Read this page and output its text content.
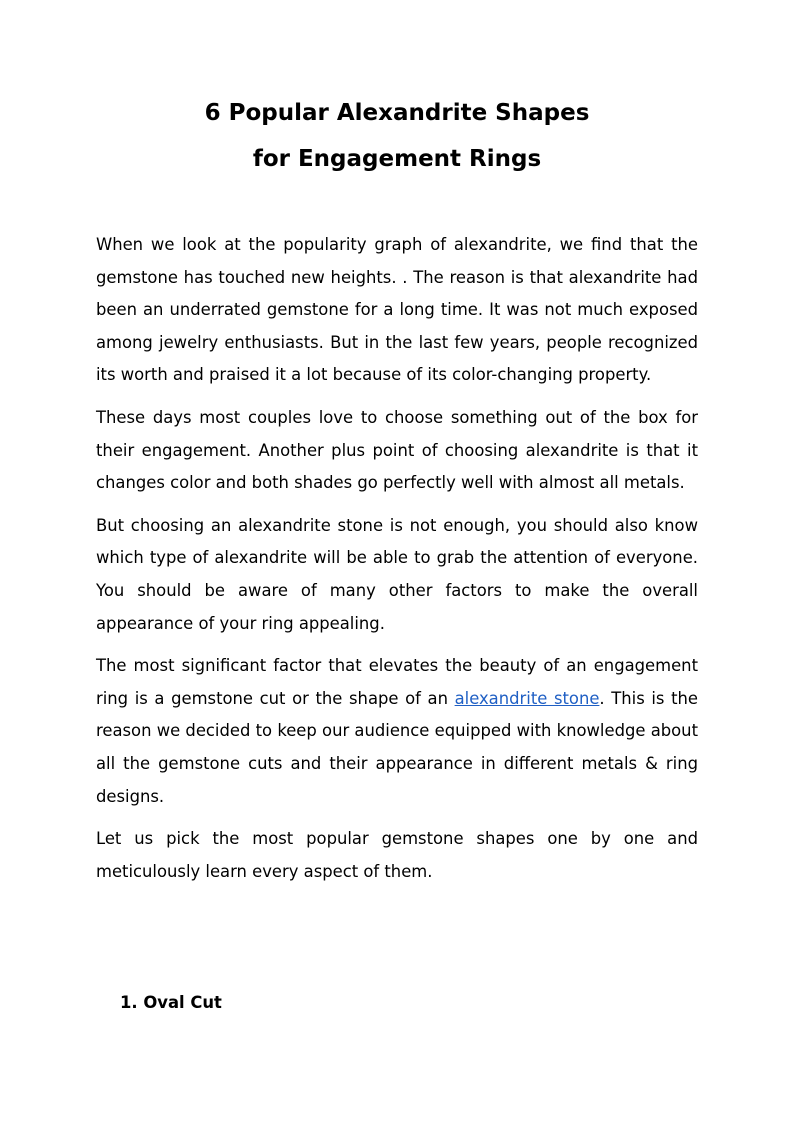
6 Popular Alexandrite Shapes
for Engagement Rings

When we look at the popularity graph of alexandrite, we find that the gemstone has touched new heights. . The reason is that alexandrite had been an underrated gemstone for a long time. It was not much exposed among jewelry enthusiasts. But in the last few years, people recognized its worth and praised it a lot because of its color-changing property.

These days most couples love to choose something out of the box for their engagement. Another plus point of choosing alexandrite is that it changes color and both shades go perfectly well with almost all metals.

But choosing an alexandrite stone is not enough, you should also know which type of alexandrite will be able to grab the attention of everyone. You should be aware of many other factors to make the overall appearance of your ring appealing.

The most significant factor that elevates the beauty of an engagement ring is a gemstone cut or the shape of an alexandrite stone. This is the reason we decided to keep our audience equipped with knowledge about all the gemstone cuts and their appearance in different metals & ring designs.

Let us pick the most popular gemstone shapes one by one and meticulously learn every aspect of them.

1. Oval Cut
